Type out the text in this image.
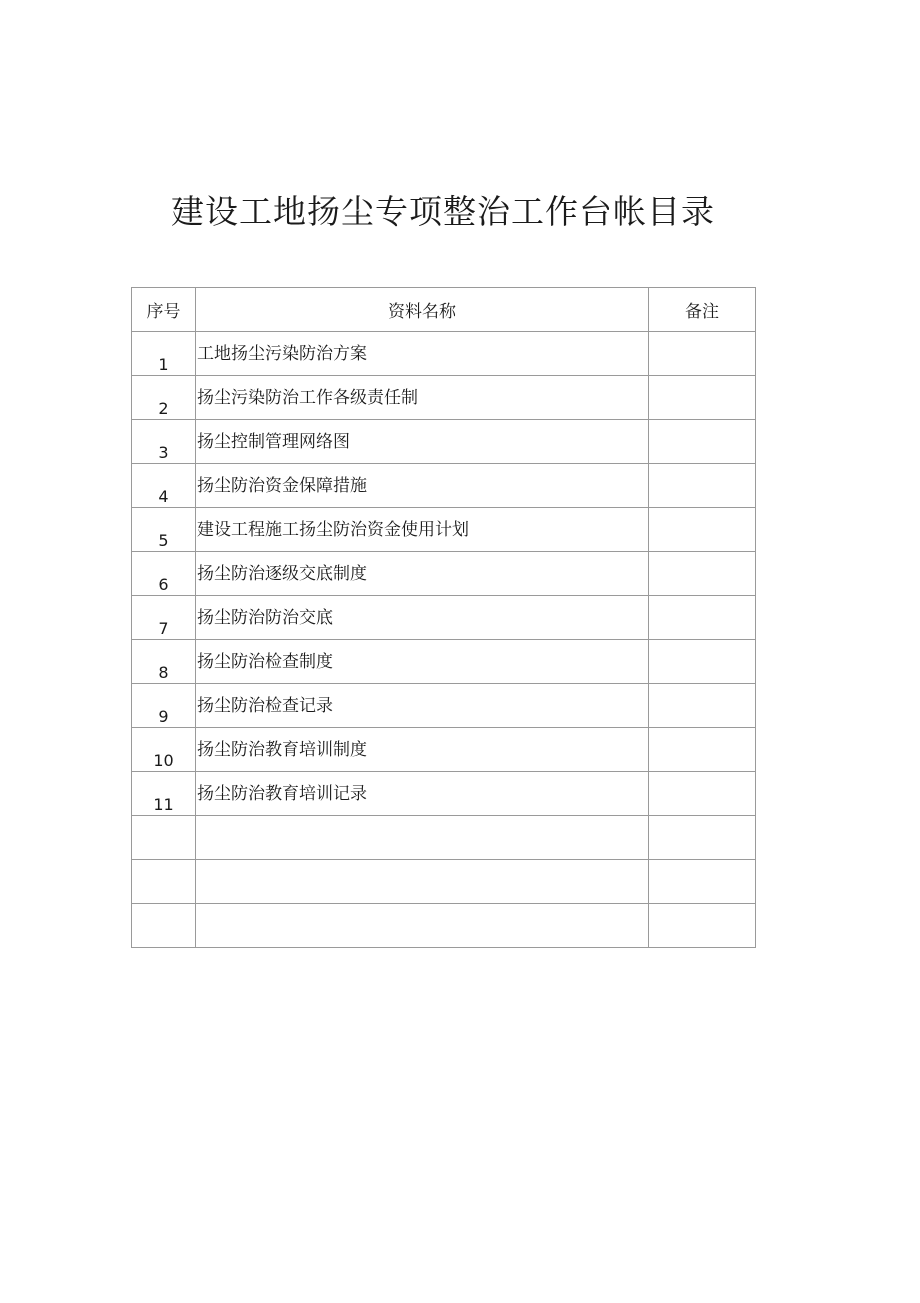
建设工地扬尘专项整治工作台帐目录
序号	资料名称	备注
1	工地扬尘污染防治方案	
2	扬尘污染防治工作各级责任制	
3	扬尘控制管理网络图	
4	扬尘防治资金保障措施	
5	建设工程施工扬尘防治资金使用计划	
6	扬尘防治逐级交底制度	
7	扬尘防治防治交底	
8	扬尘防治检查制度	
9	扬尘防治检查记录	
10	扬尘防治教育培训制度	
11	扬尘防治教育培训记录	
